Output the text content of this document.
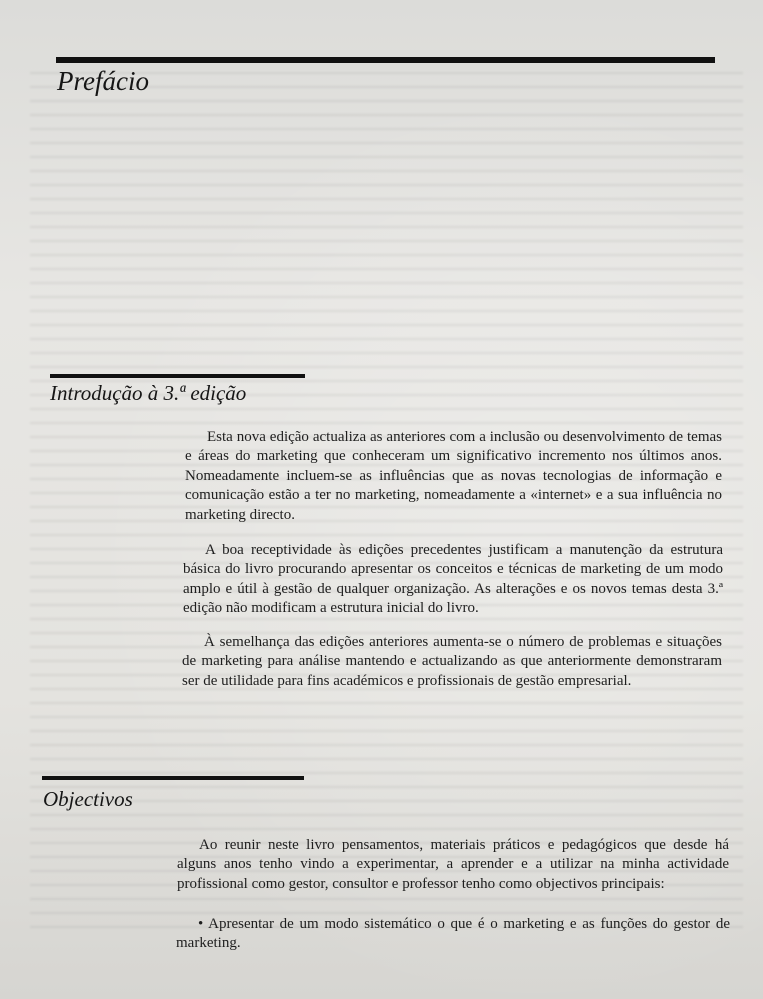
Prefácio
Introdução à 3.ª edição

Esta nova edição actualiza as anteriores com a inclusão ou desenvolvimento de temas e áreas do marketing que conheceram um significativo incremento nos últimos anos. Nomeadamente incluem-se as influências que as novas tecnologias de informação e comunicação estão a ter no marketing, nomeadamente a «internet» e a sua influência no marketing directo.

A boa receptividade às edições precedentes justificam a manutenção da estrutura básica do livro procurando apresentar os conceitos e técnicas de marketing de um modo amplo e útil à gestão de qualquer organização. As alterações e os novos temas desta 3.ª edição não modificam a estrutura inicial do livro.

À semelhança das edições anteriores aumenta-se o número de problemas e situações de marketing para análise mantendo e actualizando as que anteriormente demonstraram ser de utilidade para fins académicos e profissionais de gestão empresarial.

Objectivos

Ao reunir neste livro pensamentos, materiais práticos e pedagógicos que desde há alguns anos tenho vindo a experimentar, a aprender e a utilizar na minha actividade profissional como gestor, consultor e professor tenho como objectivos principais:

• Apresentar de um modo sistemático o que é o marketing e as funções do gestor de marketing.
